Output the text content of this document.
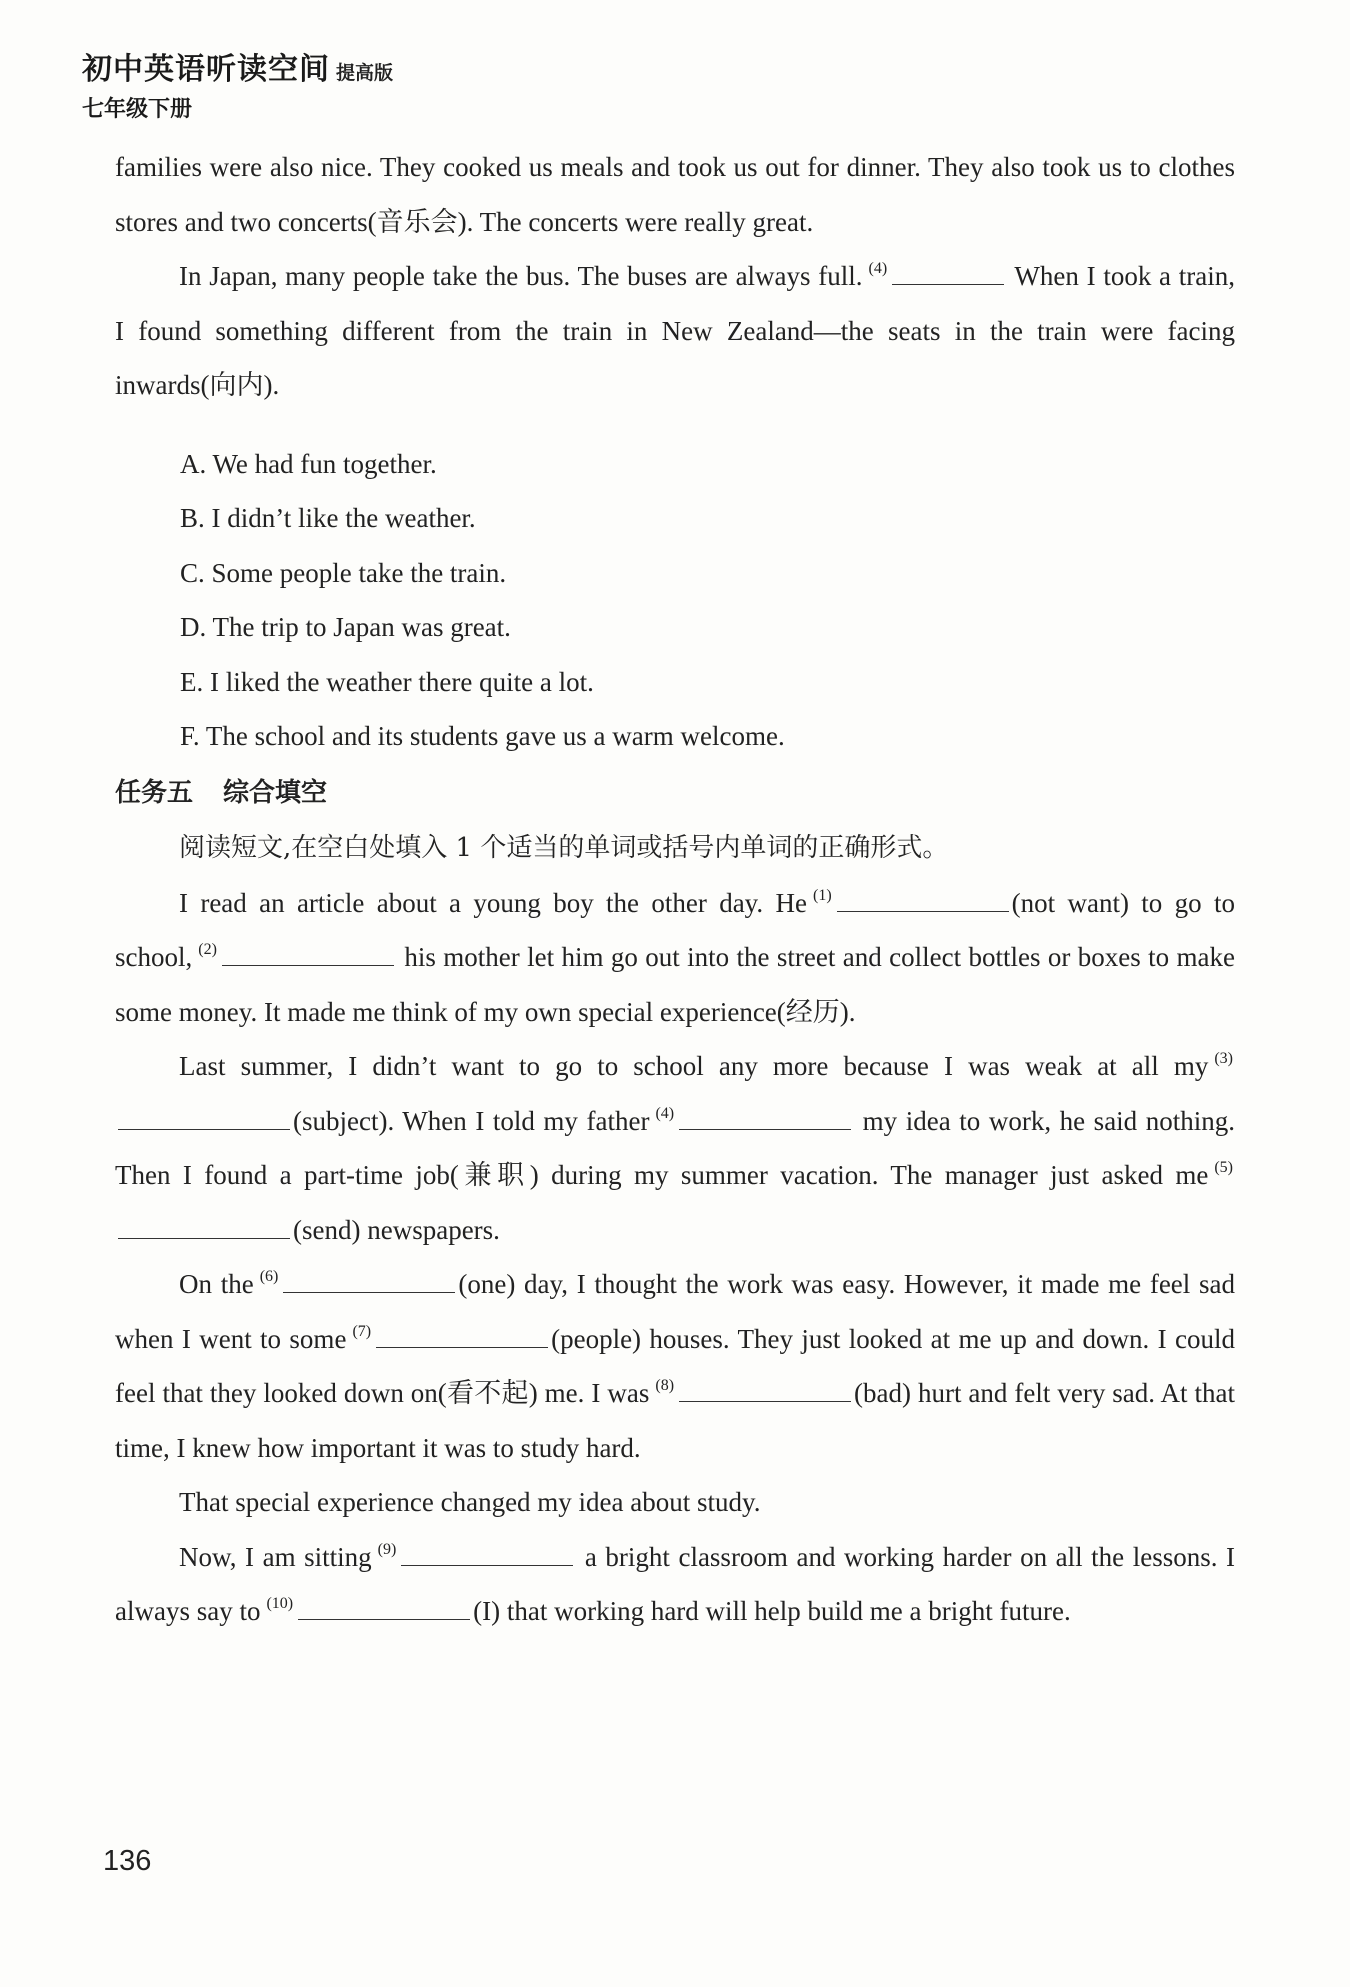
初中英语听读空间 提高版
七年级下册

families were also nice. They cooked us meals and took us out for dinner. They also took us to clothes stores and two concerts(音乐会). The concerts were really great.

In Japan, many people take the bus. The buses are always full. $^{(4)}$	When I took a train, I found something different from the train in New Zealand—the seats in the train were facing inwards(向内).

A. We had fun together.
B. I didn’t like the weather.
C. Some people take the train.
D. The trip to Japan was great.
E. I liked the weather there quite a lot.
F. The school and its students gave us a warm welcome.
任务五 综合填空
阅读短文,在空白处填入 1 个适当的单词或括号内单词的正确形式。

I read an article about a young boy the other day. He $^{(1)}$	(not want) to go to school, $^{(2)}$	his mother let him go out into the street and collect bottles or boxes to make some money. It made me think of my own special experience(经历).

Last summer, I didn’t want to go to school any more because I was weak at all my $^{(3)}$(subject). When I told my father $^{(4)}$	my idea to work, he said nothing. Then I found a part-time job(兼职) during my summer vacation. The manager just asked me $^{(5)}$(send) newspapers.

On the $^{(6)}$	(one) day, I thought the work was easy. However, it made me feel sad when I went to some $^{(7)}$	(people) houses. They just looked at me up and down. I could feel that they looked down on(看不起) me. I was $^{(8)}$	(bad) hurt and felt very sad. At that time, I knew how important it was to study hard.

That special experience changed my idea about study.

Now, I am sitting $^{(9)}$	a bright classroom and working harder on all the lessons. I always say to $^{(10)}$	(I) that working hard will help build me a bright future.

136
